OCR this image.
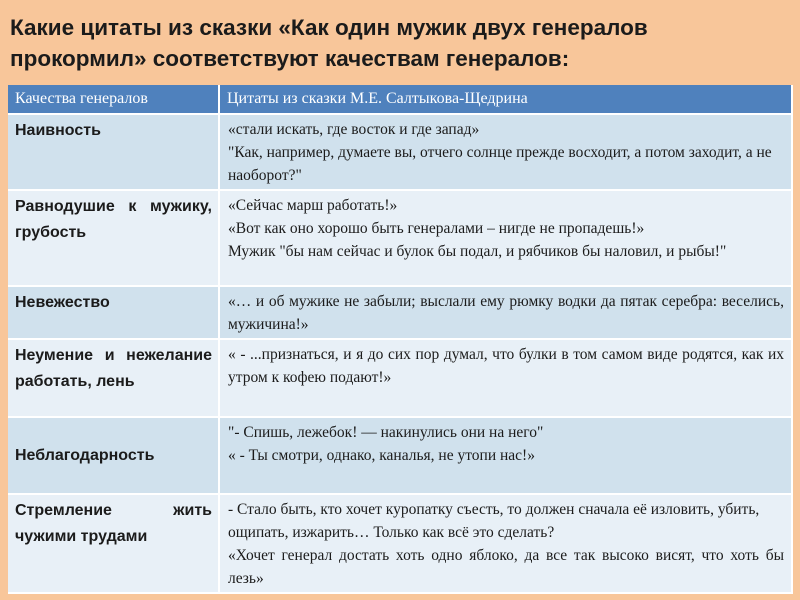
Какие цитаты из сказки «Как один мужик двух генералов прокормил» соответствуют качествам генералов:
Качества генералов	Цитаты из сказки М.Е. Салтыкова-Щедрина
Наивность	«стали искать, где восток и где запад»
"Как, например, думаете вы, отчего солнце прежде восходит, а потом заходит, а не наоборот?"

Равнодушие к мужику, грубость	«Сейчас марш работать!»
«Вот как оно хорошо быть генералами – нигде не пропадешь!»
Мужик "бы нам сейчас и булок бы подал, и рябчиков бы наловил, и рыбы!"

Невежество	«… и об мужике не забыли; выслали ему рюмку водки да пятак серебра: веселись, мужичина!»

Неумение и нежелание работать, лень	« - ...признаться, и я до сих пор думал, что булки в том самом виде родятся, как их утром к кофею подают!»

Неблагодарность	"- Спишь, лежебок! — накинулись они на него"
« - Ты смотри, однако, каналья, не утопи нас!»

Стремление жить чужими трудами	- Стало быть, кто хочет куропатку съесть, то должен сначала её изловить, убить, ощипать, изжарить… Только как всё это сделать?
«Хочет генерал достать хоть одно яблоко, да все так высоко висят, что хоть бы лезь»
